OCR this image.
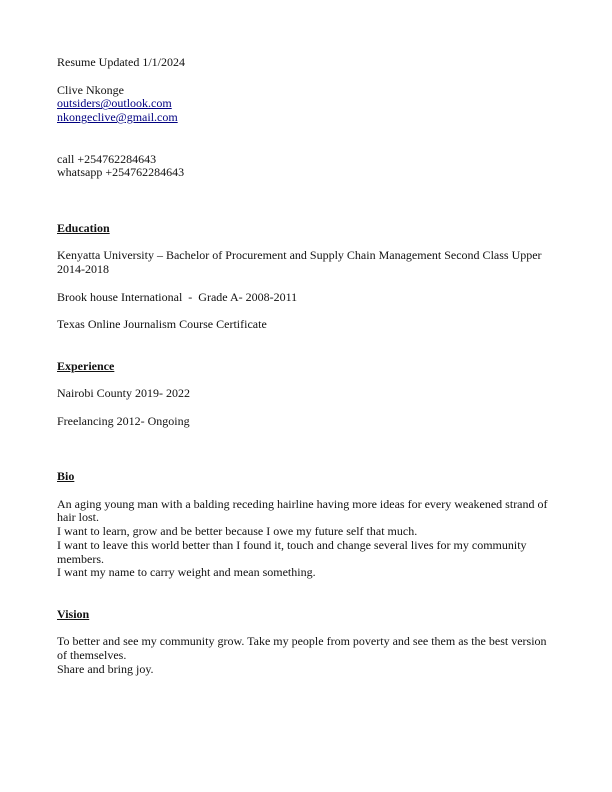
Resume Updated 1/1/2024
Clive Nkonge
outsiders@outlook.com
nkongeclive@gmail.com
call +254762284643
whatsapp +254762284643
Education
Kenyatta University – Bachelor of Procurement and Supply Chain Management Second Class Upper 2014-2018
Brook house International  -  Grade A- 2008-2011
Texas Online Journalism Course Certificate
Experience
Nairobi County 2019- 2022
Freelancing 2012- Ongoing
Bio
An aging young man with a balding receding hairline having more ideas for every weakened strand of hair lost.
I want to learn, grow and be better because I owe my future self that much.
I want to leave this world better than I found it, touch and change several lives for my community members.
I want my name to carry weight and mean something.
Vision
To better and see my community grow. Take my people from poverty and see them as the best version of themselves.
Share and bring joy.
